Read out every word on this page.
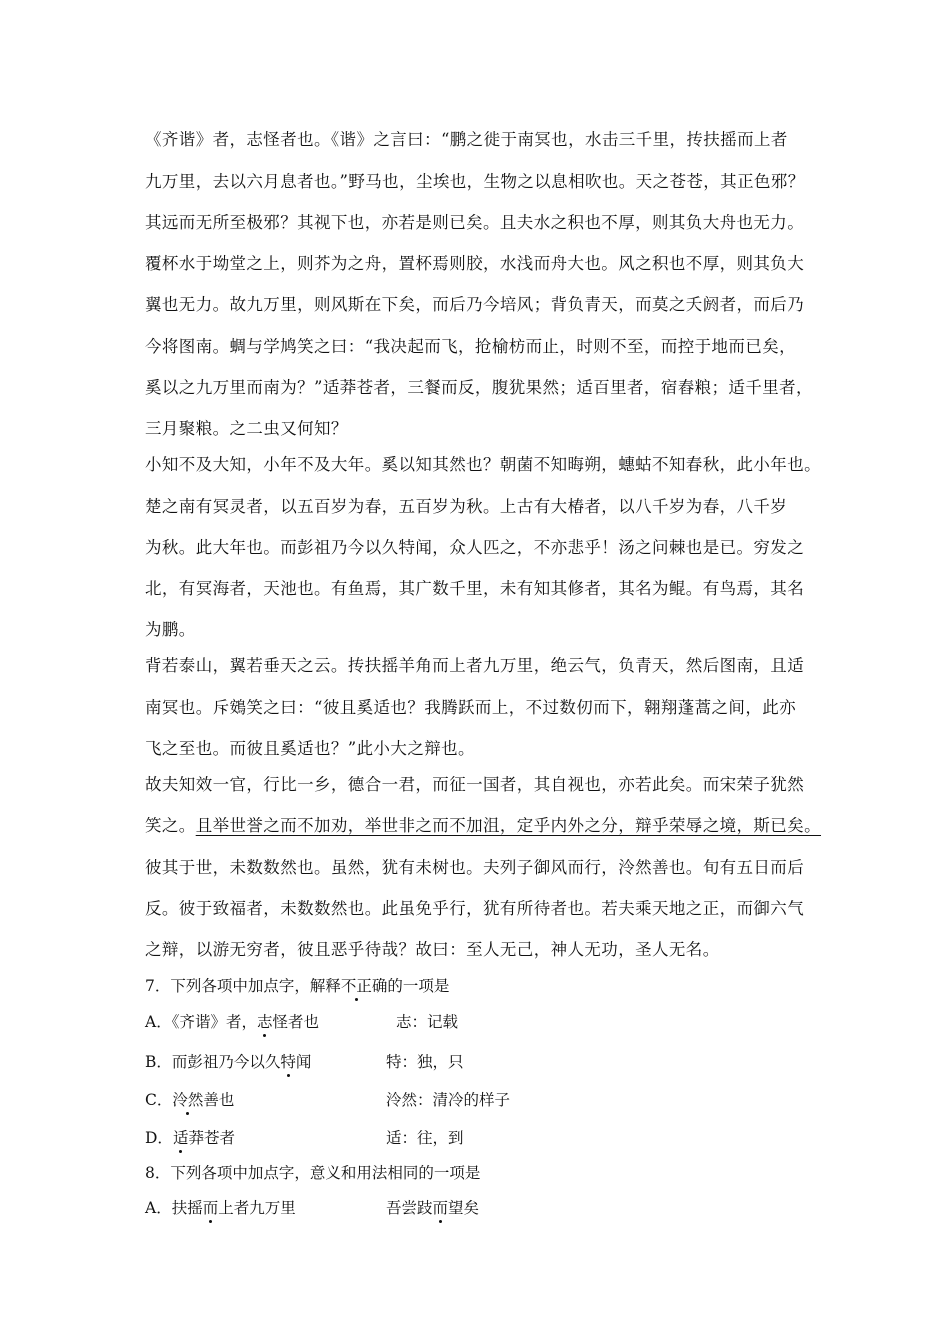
《齐谐》者，志怪者也。《谐》之言曰：“鹏之徙于南冥也，水击三千里，抟扶摇而上者
九万里，去以六月息者也。”野马也，尘埃也，生物之以息相吹也。天之苍苍，其正色邪？
其远而无所至极邪？其视下也，亦若是则已矣。且夫水之积也不厚，则其负大舟也无力。
覆杯水于坳堂之上，则芥为之舟，置杯焉则胶，水浅而舟大也。风之积也不厚，则其负大
翼也无力。故九万里，则风斯在下矣，而后乃今培风；背负青天，而莫之夭阏者，而后乃
今将图南。蜩与学鸠笑之曰：“我决起而飞，抢榆枋而止，时则不至，而控于地而已矣，
奚以之九万里而南为？”适莽苍者，三餐而反，腹犹果然；适百里者，宿舂粮；适千里者，
三月聚粮。之二虫又何知？
小知不及大知，小年不及大年。奚以知其然也？朝菌不知晦朔，蟪蛄不知春秋，此小年也。
楚之南有冥灵者，以五百岁为春，五百岁为秋。上古有大椿者，以八千岁为春，八千岁
为秋。此大年也。而彭祖乃今以久特闻，众人匹之，不亦悲乎！汤之问棘也是已。穷发之
北，有冥海者，天池也。有鱼焉，其广数千里，未有知其修者，其名为鲲。有鸟焉，其名
为鹏。
背若泰山，翼若垂天之云。抟扶摇羊角而上者九万里，绝云气，负青天，然后图南，且适
南冥也。斥鴳笑之曰：“彼且奚适也？我腾跃而上，不过数仞而下，翱翔蓬蒿之间，此亦
飞之至也。而彼且奚适也？”此小大之辩也。
故夫知效一官，行比一乡，德合一君，而征一国者，其自视也，亦若此矣。而宋荣子犹然
笑之。且举世誉之而不加劝，举世非之而不加沮，定乎内外之分，辩乎荣辱之境，斯已矣。
彼其于世，未数数然也。虽然，犹有未树也。夫列子御风而行，泠然善也。旬有五日而后
反。彼于致福者，未数数然也。此虽免乎行，犹有所待者也。若夫乘天地之正，而御六气
之辩，以游无穷者，彼且恶乎待哉？故曰：至人无己，神人无功，圣人无名。
7．下列各项中加点字，解释不正确的一项是
A．《齐谐》者，志怪者也	志：记载
B．而彭祖乃今以久特闻	特：独，只
C．泠然善也	泠然：清冷的样子
D．适莽苍者	适：往，到
8．下列各项中加点字，意义和用法相同的一项是
A．扶摇而上者九万里	吾尝跂而望矣
